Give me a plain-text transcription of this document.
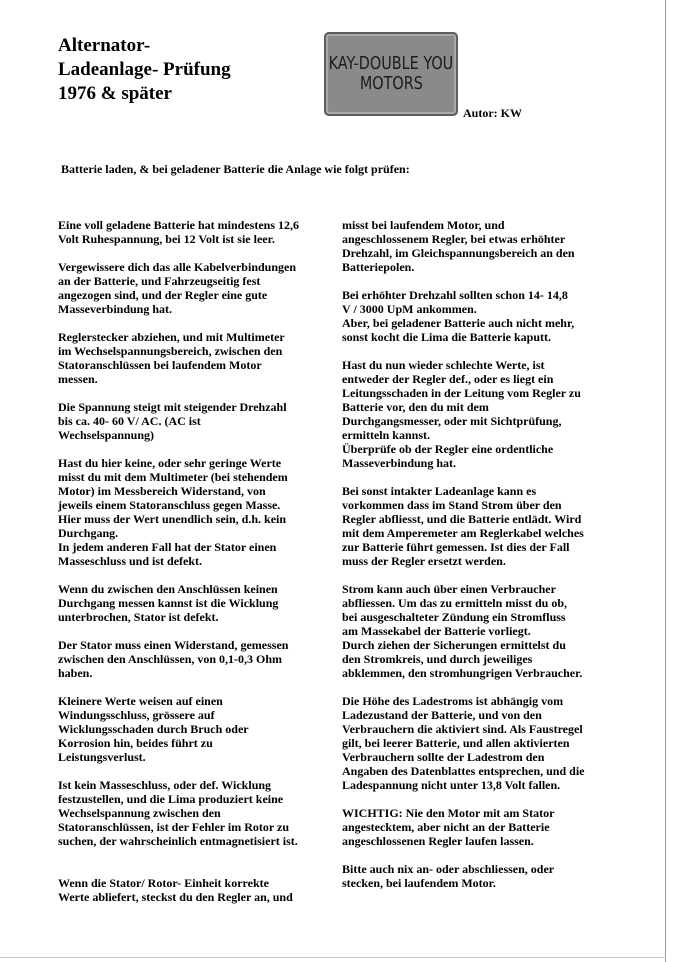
Alternator-
Ladeanlage- Prüfung
1976 & später
KAY-DOUBLE YOU
MOTORS
Autor: KW
Batterie laden, & bei geladener Batterie die Anlage wie folgt prüfen:

Eine voll geladene Batterie hat mindestens 12,6
Volt Ruhespannung, bei 12 Volt ist sie leer.

Vergewissere dich das alle Kabelverbindungen
an der Batterie, und Fahrzeugseitig fest
angezogen sind, und der Regler eine gute
Masseverbindung hat.

Reglerstecker abziehen, und mit Multimeter
im Wechselspannungsbereich, zwischen den
Statoranschlüssen bei laufendem Motor
messen.

Die Spannung steigt mit steigender Drehzahl
bis ca. 40- 60 V/ AC. (AC ist
Wechselspannung)

Hast du hier keine, oder sehr geringe Werte
misst du mit dem Multimeter (bei stehendem
Motor) im Messbereich Widerstand, von
jeweils einem Statoranschluss gegen Masse.
Hier muss der Wert unendlich sein, d.h. kein
Durchgang.
In jedem anderen Fall hat der Stator einen
Masseschluss und ist defekt.

Wenn du zwischen den Anschlüssen keinen
Durchgang messen kannst ist die Wicklung
unterbrochen, Stator ist defekt.

Der Stator muss einen Widerstand, gemessen
zwischen den Anschlüssen, von 0,1-0,3 Ohm
haben.

Kleinere Werte weisen auf einen
Windungsschluss, grössere auf
Wicklungsschaden durch Bruch oder
Korrosion hin, beides führt zu
Leistungsverlust.

Ist kein Masseschluss, oder def. Wicklung
festzustellen, und die Lima produziert keine
Wechselspannung zwischen den
Statoranschlüssen, ist der Fehler im Rotor zu
suchen, der wahrscheinlich entmagnetisiert ist.

Wenn die Stator/ Rotor- Einheit korrekte
Werte abliefert, steckst du den Regler an, und

misst bei laufendem Motor, und
angeschlossenem Regler, bei etwas erhöhter
Drehzahl, im Gleichspannungsbereich an den
Batteriepolen.

Bei erhöhter Drehzahl sollten schon 14- 14,8
V / 3000 UpM ankommen.
Aber, bei geladener Batterie auch nicht mehr,
sonst kocht die Lima die Batterie kaputt.

Hast du nun wieder schlechte Werte, ist
entweder der Regler def., oder es liegt ein
Leitungsschaden in der Leitung vom Regler zu
Batterie vor, den du mit dem
Durchgangsmesser, oder mit Sichtprüfung,
ermitteln kannst.
Überprüfe ob der Regler eine ordentliche
Masseverbindung hat.

Bei sonst intakter Ladeanlage kann es
vorkommen dass im Stand Strom über den
Regler abfliesst, und die Batterie entlädt. Wird
mit dem Amperemeter am Reglerkabel welches
zur Batterie führt gemessen. Ist dies der Fall
muss der Regler ersetzt werden.

Strom kann auch über einen Verbraucher
abfliessen. Um das zu ermitteln misst du ob,
bei ausgeschalteter Zündung ein Stromfluss
am Massekabel der Batterie vorliegt.
Durch ziehen der Sicherungen ermittelst du
den Stromkreis, und durch jeweiliges
abklemmen, den stromhungrigen Verbraucher.

Die Höhe des Ladestroms ist abhängig vom
Ladezustand der Batterie, und von den
Verbrauchern die aktiviert sind. Als Faustregel
gilt, bei leerer Batterie, und allen aktivierten
Verbrauchern sollte der Ladestrom den
Angaben des Datenblattes entsprechen, und die
Ladespannung nicht unter 13,8 Volt fallen.

WICHTIG: Nie den Motor mit am Stator
angestecktem, aber nicht an der Batterie
angeschlossenen Regler laufen lassen.

Bitte auch nix an- oder abschliessen, oder
stecken, bei laufendem Motor.
